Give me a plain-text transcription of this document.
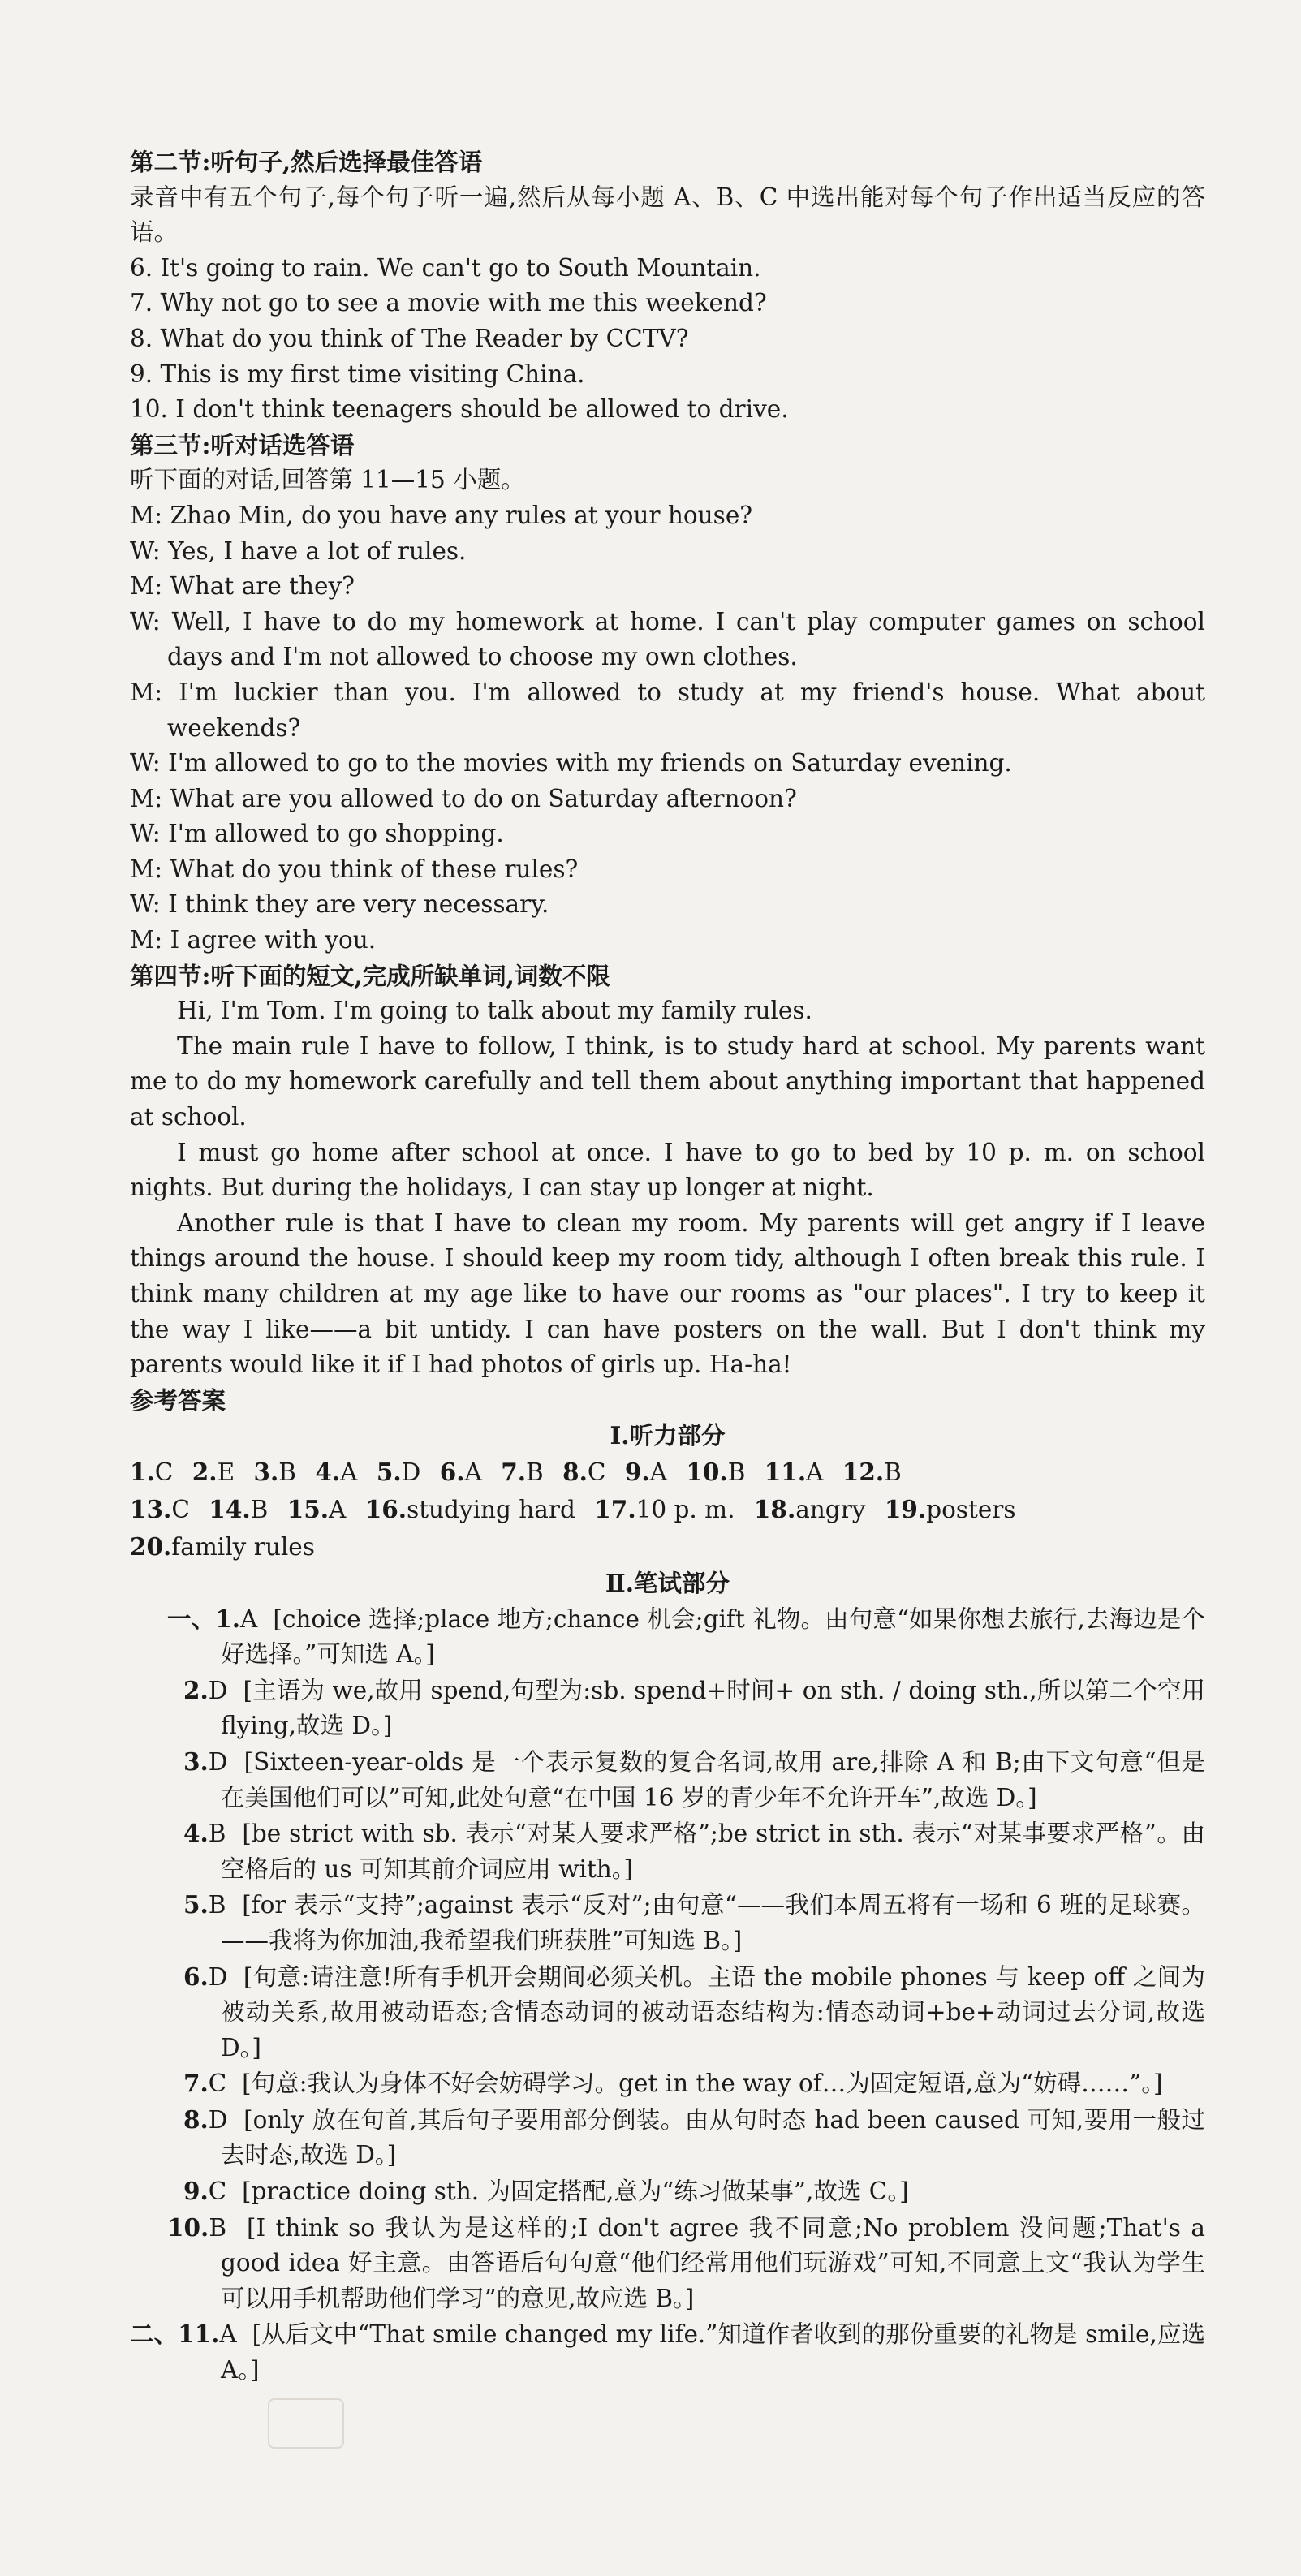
第二节:听句子,然后选择最佳答语
录音中有五个句子,每个句子听一遍,然后从每小题 A、B、C 中选出能对每个句子作出适当反应的答语。
6. It's going to rain. We can't go to South Mountain.
7. Why not go to see a movie with me this weekend?
8. What do you think of The Reader by CCTV?
9. This is my first time visiting China.
10. I don't think teenagers should be allowed to drive.
第三节:听对话选答语
听下面的对话,回答第 11—15 小题。
M: Zhao Min, do you have any rules at your house?
W: Yes, I have a lot of rules.
M: What are they?
W: Well, I have to do my homework at home. I can't play computer games on school days and I'm not allowed to choose my own clothes.
M: I'm luckier than you. I'm allowed to study at my friend's house. What about weekends?
W: I'm allowed to go to the movies with my friends on Saturday evening.
M: What are you allowed to do on Saturday afternoon?
W: I'm allowed to go shopping.
M: What do you think of these rules?
W: I think they are very necessary.
M: I agree with you.
第四节:听下面的短文,完成所缺单词,词数不限
Hi, I'm Tom. I'm going to talk about my family rules.
The main rule I have to follow, I think, is to study hard at school. My parents want me to do my homework carefully and tell them about anything important that happened at school.
I must go home after school at once. I have to go to bed by 10 p. m. on school nights. But during the holidays, I can stay up longer at night.
Another rule is that I have to clean my room. My parents will get angry if I leave things around the house. I should keep my room tidy, although I often break this rule. I think many children at my age like to have our rooms as "our places". I try to keep it the way I like——a bit untidy. I can have posters on the wall. But I don't think my parents would like it if I had photos of girls up. Ha-ha!
参考答案
Ⅰ.听力部分
1.C 2.E 3.B 4.A 5.D 6.A 7.B 8.C 9.A 10.B 11.A 12.B
13.C 14.B 15.A 16.studying hard 17.10 p. m. 18.angry 19.posters
20.family rules
Ⅱ.笔试部分
一、1.A [choice 选择;place 地方;chance 机会;gift 礼物。由句意“如果你想去旅行,去海边是个好选择。”可知选 A。]
2.D [主语为 we,故用 spend,句型为:sb. spend+时间+ on sth. / doing sth.,所以第二个空用 flying,故选 D。]
3.D [Sixteen-year-olds 是一个表示复数的复合名词,故用 are,排除 A 和 B;由下文句意“但是在美国他们可以”可知,此处句意“在中国 16 岁的青少年不允许开车”,故选 D。]
4.B [be strict with sb. 表示“对某人要求严格”;be strict in sth. 表示“对某事要求严格”。由空格后的 us 可知其前介词应用 with。]
5.B [for 表示“支持”;against 表示“反对”;由句意“——我们本周五将有一场和 6 班的足球赛。——我将为你加油,我希望我们班获胜”可知选 B。]
6.D [句意:请注意!所有手机开会期间必须关机。主语 the mobile phones 与 keep off 之间为被动关系,故用被动语态;含情态动词的被动语态结构为:情态动词+be+动词过去分词,故选 D。]
7.C [句意:我认为身体不好会妨碍学习。get in the way of…为固定短语,意为“妨碍……”。]
8.D [only 放在句首,其后句子要用部分倒装。由从句时态 had been caused 可知,要用一般过去时态,故选 D。]
9.C [practice doing sth. 为固定搭配,意为“练习做某事”,故选 C。]
10.B [I think so 我认为是这样的;I don't agree 我不同意;No problem 没问题;That's a good idea 好主意。由答语后句句意“他们经常用他们玩游戏”可知,不同意上文“我认为学生可以用手机帮助他们学习”的意见,故应选 B。]
二、11.A [从后文中“That smile changed my life.”知道作者收到的那份重要的礼物是 smile,应选 A。]
